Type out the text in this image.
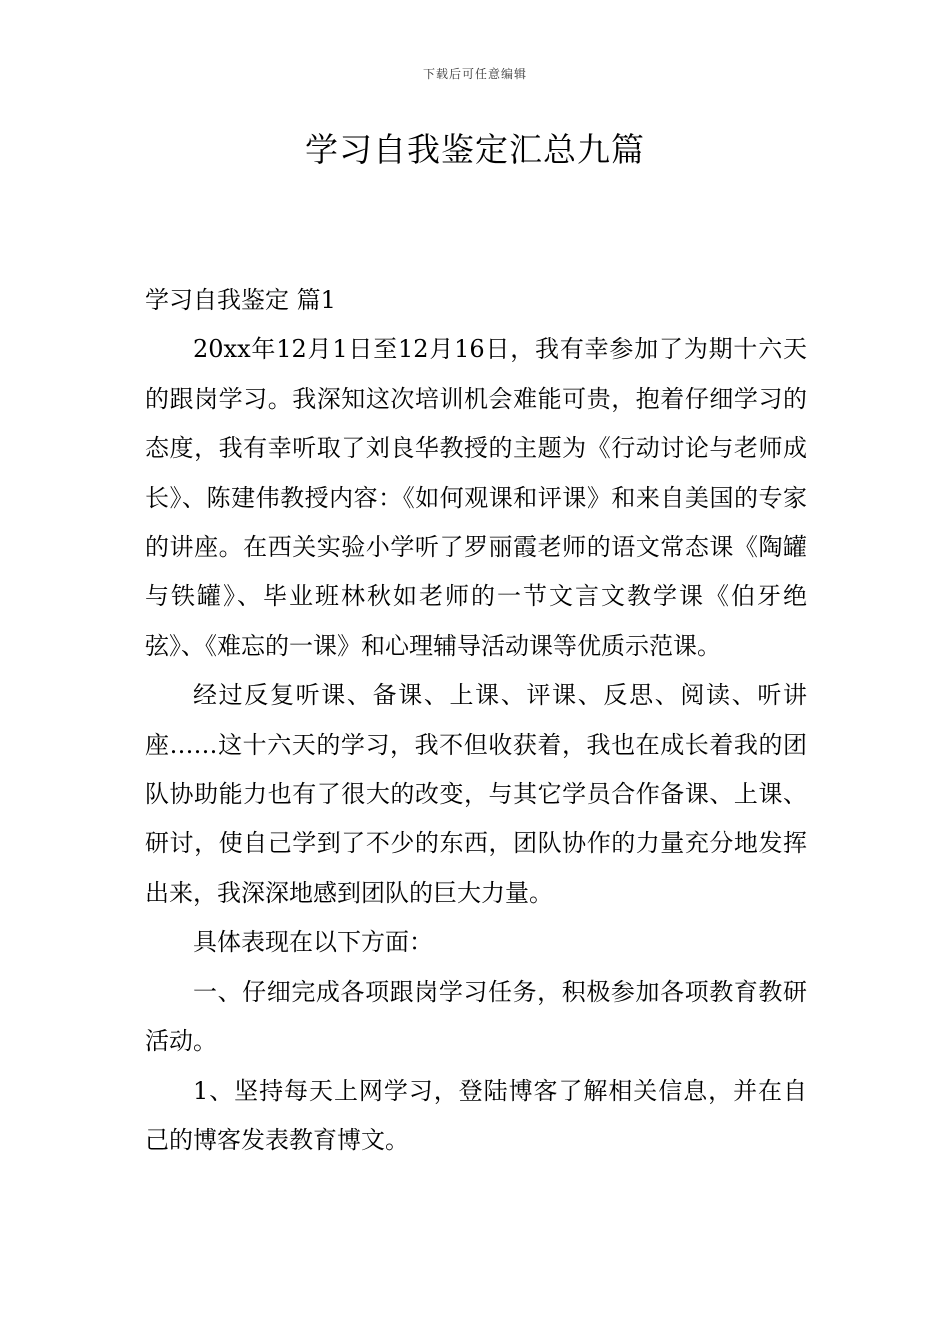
下载后可任意编辑
学习自我鉴定汇总九篇

学习自我鉴定 篇1

20xx年12月1日至12月16日，我有幸参加了为期十六天的跟岗学习。我深知这次培训机会难能可贵，抱着仔细学习的态度，我有幸听取了刘良华教授的主题为《行动讨论与老师成长》、陈建伟教授内容：《如何观课和评课》和来自美国的专家的讲座。在西关实验小学听了罗丽霞老师的语文常态课《陶罐与铁罐》、毕业班林秋如老师的一节文言文教学课《伯牙绝弦》、《难忘的一课》和心理辅导活动课等优质示范课。

经过反复听课、备课、上课、评课、反思、阅读、听讲座……这十六天的学习，我不但收获着，我也在成长着我的团队协助能力也有了很大的改变，与其它学员合作备课、上课、研讨，使自己学到了不少的东西，团队协作的力量充分地发挥出来，我深深地感到团队的巨大力量。

具体表现在以下方面：

一、仔细完成各项跟岗学习任务，积极参加各项教育教研活动。

1、坚持每天上网学习，登陆博客了解相关信息，并在自己的博客发表教育博文。
